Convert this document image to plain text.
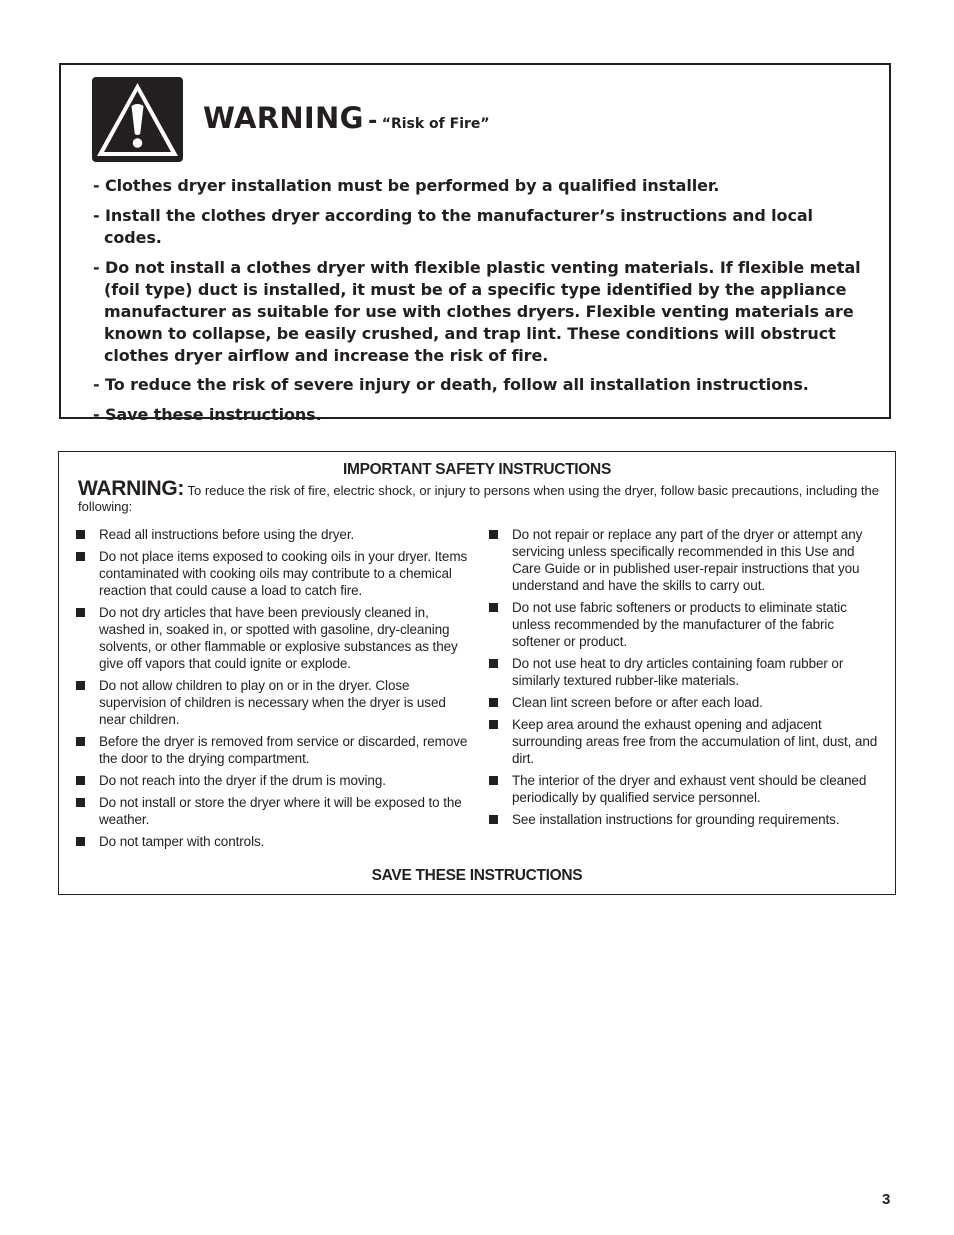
WARNING - “Risk of Fire”
- Clothes dryer installation must be performed by a qualified installer.
- Install the clothes dryer according to the manufacturer’s instructions and local codes.
- Do not install a clothes dryer with flexible plastic venting materials. If flexible metal (foil type) duct is installed, it must be of a specific type identified by the appliance manufacturer as suitable for use with clothes dryers. Flexible venting materials are known to collapse, be easily crushed, and trap lint. These conditions will obstruct clothes dryer airflow and increase the risk of fire.
- To reduce the risk of severe injury or death, follow all installation instructions.
- Save these instructions.
IMPORTANT SAFETY INSTRUCTIONS
WARNING: To reduce the risk of fire, electric shock, or injury to persons when using the dryer, follow basic precautions, including the following:
Read all instructions before using the dryer.
Do not place items exposed to cooking oils in your dryer. Items contaminated with cooking oils may contribute to a chemical reaction that could cause a load to catch fire.
Do not dry articles that have been previously cleaned in, washed in, soaked in, or spotted with gasoline, dry-cleaning solvents, or other flammable or explosive substances as they give off vapors that could ignite or explode.
Do not allow children to play on or in the dryer. Close supervision of children is necessary when the dryer is used near children.
Before the dryer is removed from service or discarded, remove the door to the drying compartment.
Do not reach into the dryer if the drum is moving.
Do not install or store the dryer where it will be exposed to the weather.
Do not tamper with controls.
Do not repair or replace any part of the dryer or attempt any servicing unless specifically recommended in this Use and Care Guide or in published user-repair instructions that you understand and have the skills to carry out.
Do not use fabric softeners or products to eliminate static unless recommended by the manufacturer of the fabric softener or product.
Do not use heat to dry articles containing foam rubber or similarly textured rubber-like materials.
Clean lint screen before or after each load.
Keep area around the exhaust opening and adjacent surrounding areas free from the accumulation of lint, dust, and dirt.
The interior of the dryer and exhaust vent should be cleaned periodically by qualified service personnel.
See installation instructions for grounding requirements.
SAVE THESE INSTRUCTIONS
3
